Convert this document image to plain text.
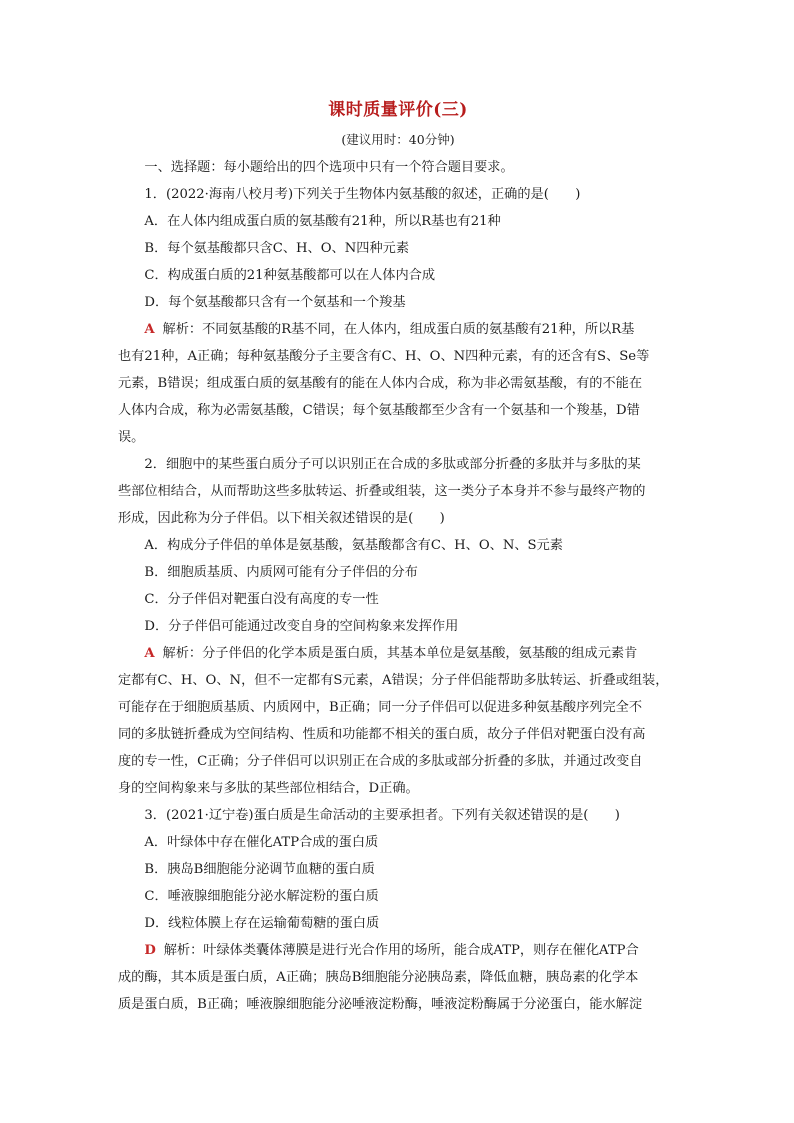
课时质量评价(三)
(建议用时：40分钟)
一、选择题：每小题给出的四个选项中只有一个符合题目要求。
1．(2022·海南八校月考)下列关于生物体内氨基酸的叙述，正确的是(　　)
A．在人体内组成蛋白质的氨基酸有21种，所以R基也有21种
B．每个氨基酸都只含C、H、O、N四种元素
C．构成蛋白质的21种氨基酸都可以在人体内合成
D．每个氨基酸都只含有一个氨基和一个羧基
A 解析：不同氨基酸的R基不同，在人体内，组成蛋白质的氨基酸有21种，所以R基
也有21种，A正确；每种氨基酸分子主要含有C、H、O、N四种元素，有的还含有S、Se等
元素，B错误；组成蛋白质的氨基酸有的能在人体内合成，称为非必需氨基酸，有的不能在
人体内合成，称为必需氨基酸，C错误；每个氨基酸都至少含有一个氨基和一个羧基，D错
误。
2．细胞中的某些蛋白质分子可以识别正在合成的多肽或部分折叠的多肽并与多肽的某
些部位相结合，从而帮助这些多肽转运、折叠或组装，这一类分子本身并不参与最终产物的
形成，因此称为分子伴侣。以下相关叙述错误的是(　　)
A．构成分子伴侣的单体是氨基酸，氨基酸都含有C、H、O、N、S元素
B．细胞质基质、内质网可能有分子伴侣的分布
C．分子伴侣对靶蛋白没有高度的专一性
D．分子伴侣可能通过改变自身的空间构象来发挥作用
A 解析：分子伴侣的化学本质是蛋白质，其基本单位是氨基酸，氨基酸的组成元素肯
定都有C、H、O、N，但不一定都有S元素，A错误；分子伴侣能帮助多肽转运、折叠或组装，
可能存在于细胞质基质、内质网中，B正确；同一分子伴侣可以促进多种氨基酸序列完全不
同的多肽链折叠成为空间结构、性质和功能都不相关的蛋白质，故分子伴侣对靶蛋白没有高
度的专一性，C正确；分子伴侣可以识别正在合成的多肽或部分折叠的多肽，并通过改变自
身的空间构象来与多肽的某些部位相结合，D正确。
3．(2021·辽宁卷)蛋白质是生命活动的主要承担者。下列有关叙述错误的是(　　)
A．叶绿体中存在催化ATP合成的蛋白质
B．胰岛B细胞能分泌调节血糖的蛋白质
C．唾液腺细胞能分泌水解淀粉的蛋白质
D．线粒体膜上存在运输葡萄糖的蛋白质
D 解析：叶绿体类囊体薄膜是进行光合作用的场所，能合成ATP，则存在催化ATP合
成的酶，其本质是蛋白质，A正确；胰岛B细胞能分泌胰岛素，降低血糖，胰岛素的化学本
质是蛋白质，B正确；唾液腺细胞能分泌唾液淀粉酶，唾液淀粉酶属于分泌蛋白，能水解淀
